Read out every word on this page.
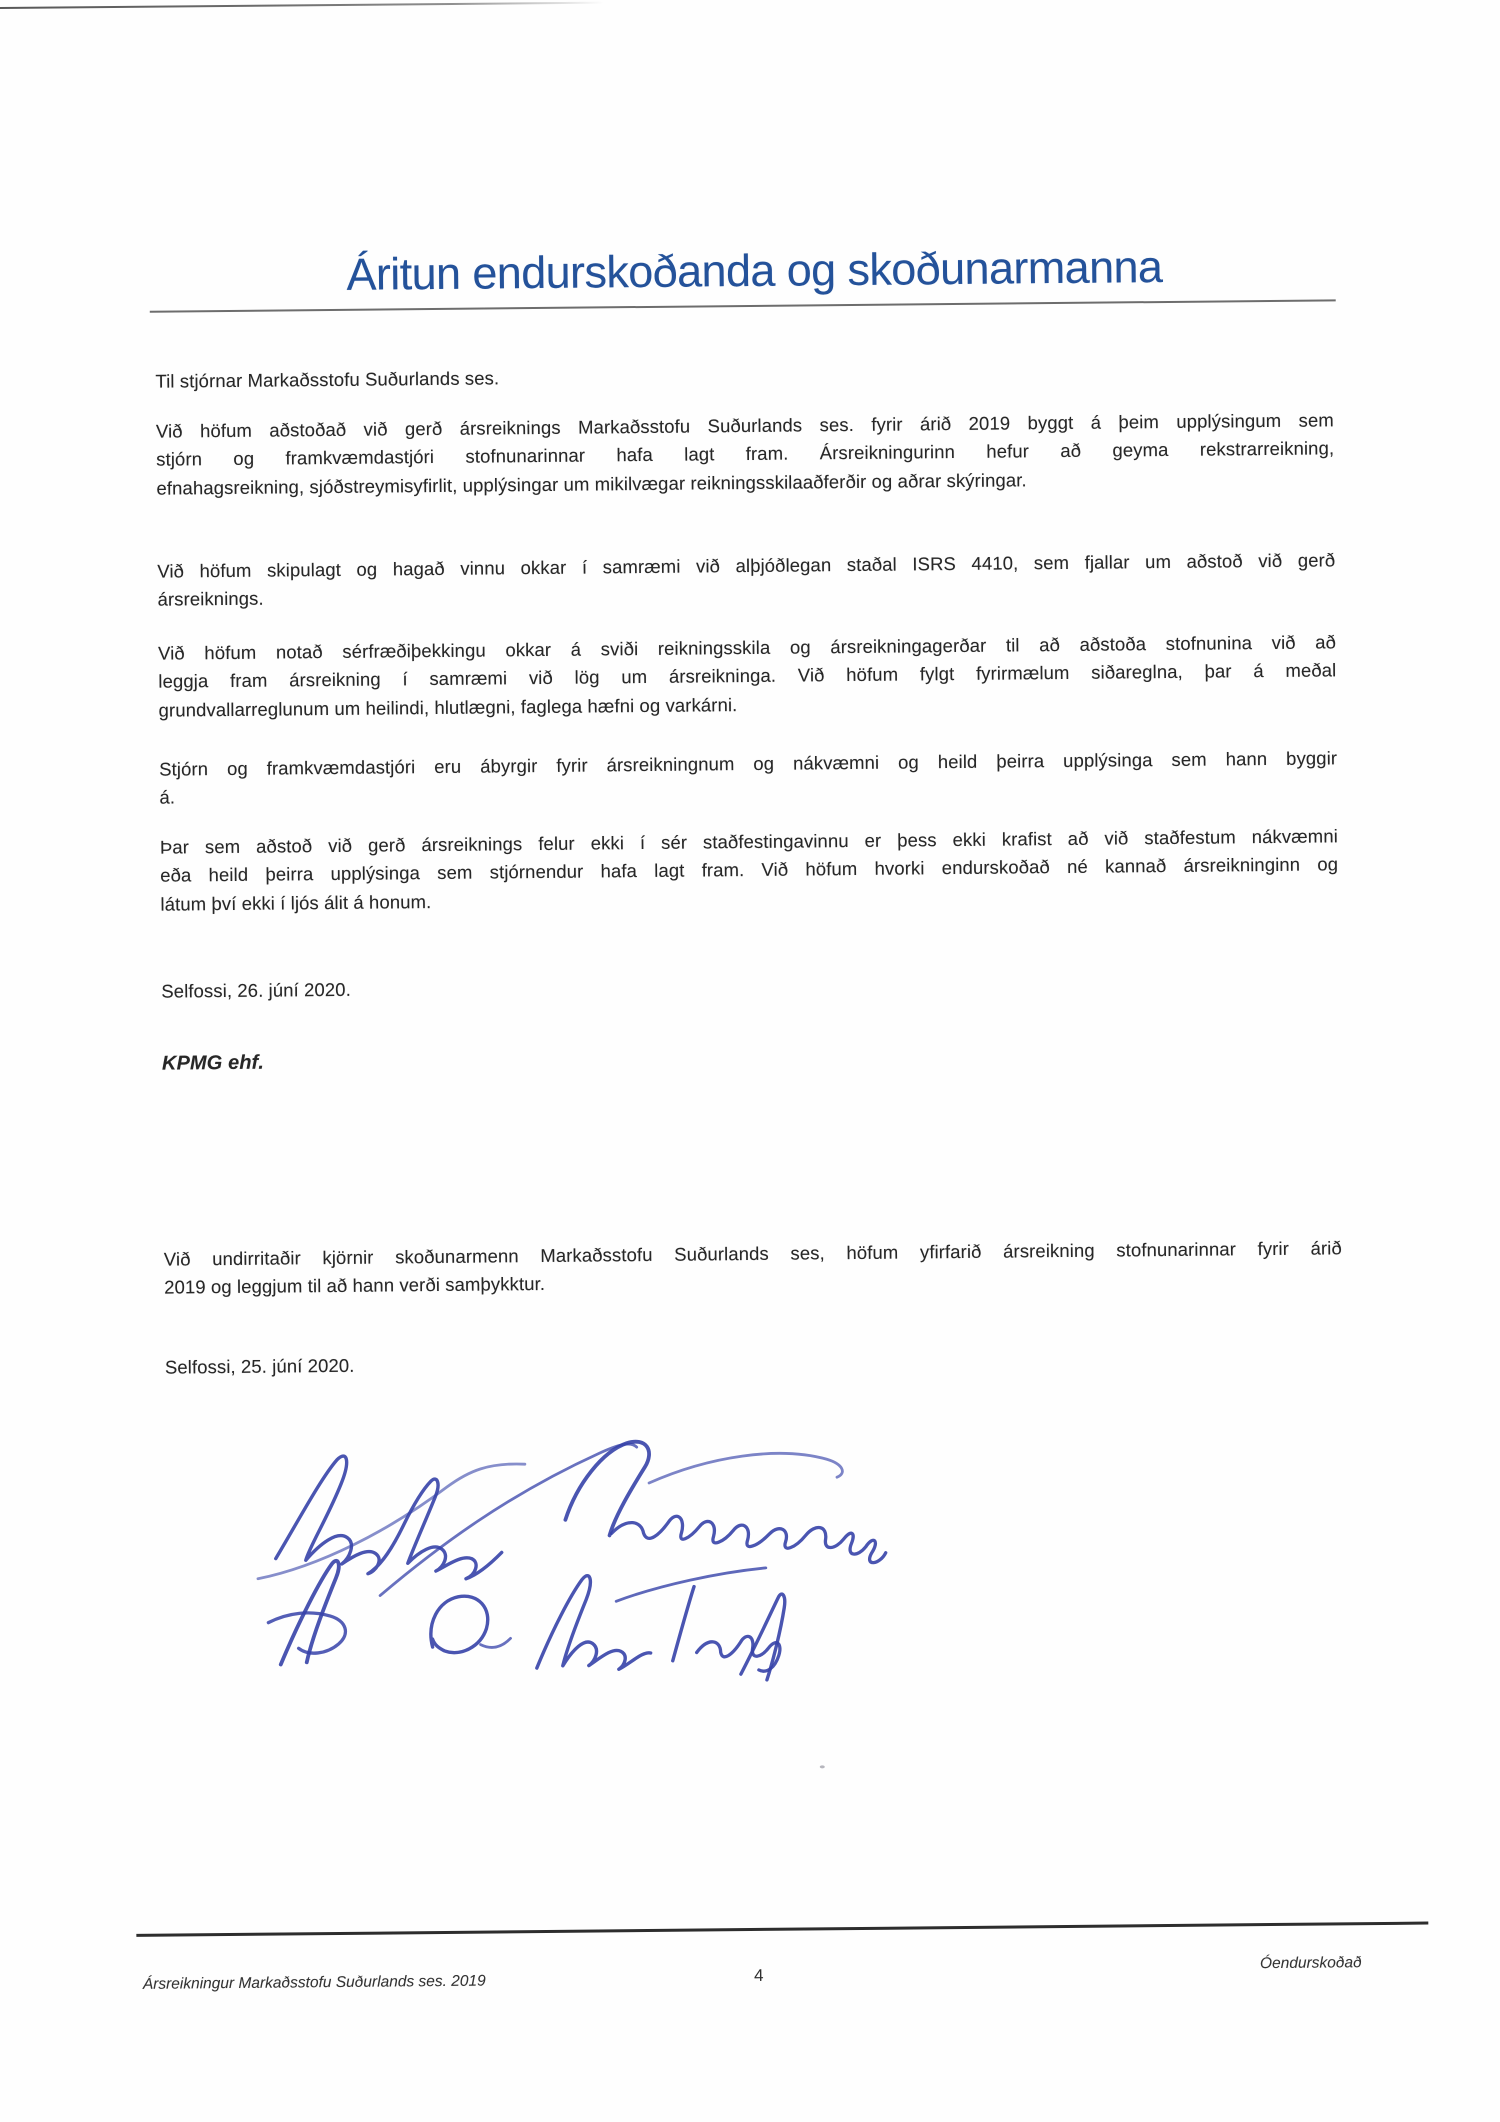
Áritun endurskoðanda og skoðunarmanna
Til stjórnar Markaðsstofu Suðurlands ses.
Við höfum aðstoðað við gerð ársreiknings Markaðsstofu Suðurlands ses. fyrir árið 2019 byggt á þeim upplýsingum sem
stjórn og framkvæmdastjóri stofnunarinnar hafa lagt fram. Ársreikningurinn hefur að geyma rekstrarreikning,
efnahagsreikning, sjóðstreymisyfirlit, upplýsingar um mikilvægar reikningsskilaaðferðir og aðrar skýringar.
Við höfum skipulagt og hagað vinnu okkar í samræmi við alþjóðlegan staðal ISRS 4410, sem fjallar um aðstoð við gerð
ársreiknings.
Við höfum notað sérfræðiþekkingu okkar á sviði reikningsskila og ársreikningagerðar til að aðstoða stofnunina við að
leggja fram ársreikning í samræmi við lög um ársreikninga. Við höfum fylgt fyrirmælum siðareglna, þar á meðal
grundvallarreglunum um heilindi, hlutlægni, faglega hæfni og varkárni.
Stjórn og framkvæmdastjóri eru ábyrgir fyrir ársreikningnum og nákvæmni og heild þeirra upplýsinga sem hann byggir
á.
Þar sem aðstoð við gerð ársreiknings felur ekki í sér staðfestingavinnu er þess ekki krafist að við staðfestum nákvæmni
eða heild þeirra upplýsinga sem stjórnendur hafa lagt fram. Við höfum hvorki endurskoðað né kannað ársreikninginn og
látum því ekki í ljós álit á honum.
Selfossi, 26. júní 2020.
KPMG ehf.
Við undirritaðir kjörnir skoðunarmenn Markaðsstofu Suðurlands ses, höfum yfirfarið ársreikning stofnunarinnar fyrir árið
2019 og leggjum til að hann verði samþykktur.
Selfossi, 25. júní 2020.
Ársreikningur Markaðsstofu Suðurlands ses. 2019	4
Óendurskoðað
